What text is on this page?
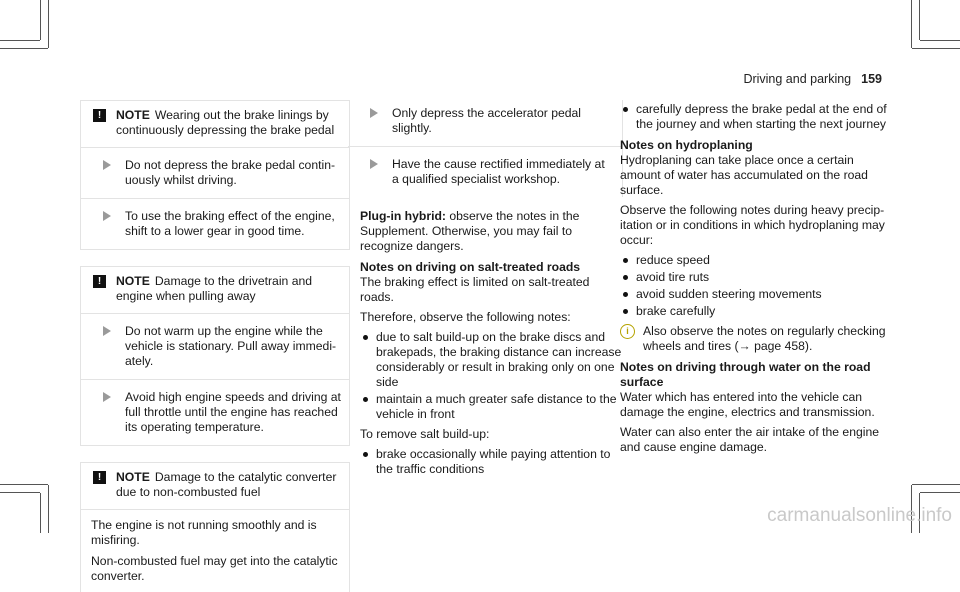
Driving and parking 159
!	NOTE Wearing out the brake linings by continuously depressing the brake pedal
Do not depress the brake pedal continuously whilst driving.
To use the braking effect of the engine, shift to a lower gear in good time.
!	NOTE Damage to the drivetrain and engine when pulling away
Do not warm up the engine while the vehicle is stationary. Pull away immediately.
Avoid high engine speeds and driving at full throttle until the engine has reached its operating temperature.
!	NOTE Damage to the catalytic converter due to non-combusted fuel

The engine is not running smoothly and is misfiring.

Non-combusted fuel may get into the catalytic converter.

Only depress the accelerator pedal slightly.
Have the cause rectified immediately at a qualified specialist workshop.

Plug-in hybrid: observe the notes in the Supplement. Otherwise, you may fail to recognize dangers.

Notes on driving on salt-treated roads

The braking effect is limited on salt-treated roads.

Therefore, observe the following notes:

due to salt build-up on the brake discs and brakepads, the braking distance can increase considerably or result in braking only on one side
maintain a much greater safe distance to the vehicle in front

To remove salt build-up:

brake occasionally while paying attention to the traffic conditions
carefully depress the brake pedal at the end of the journey and when starting the next journey
Notes on hydroplaning

Hydroplaning can take place once a certain amount of water has accumulated on the road surface.

Observe the following notes during heavy precipitation or in conditions in which hydroplaning may occur:

reduce speed
avoid tire ruts
avoid sudden steering movements
brake carefully
i	Also observe the notes on regularly checking wheels and tires (→ page 458).
Notes on driving through water on the road surface

Water which has entered into the vehicle can damage the engine, electrics and transmission.

Water can also enter the air intake of the engine and cause engine damage.

carmanualsonline.info
